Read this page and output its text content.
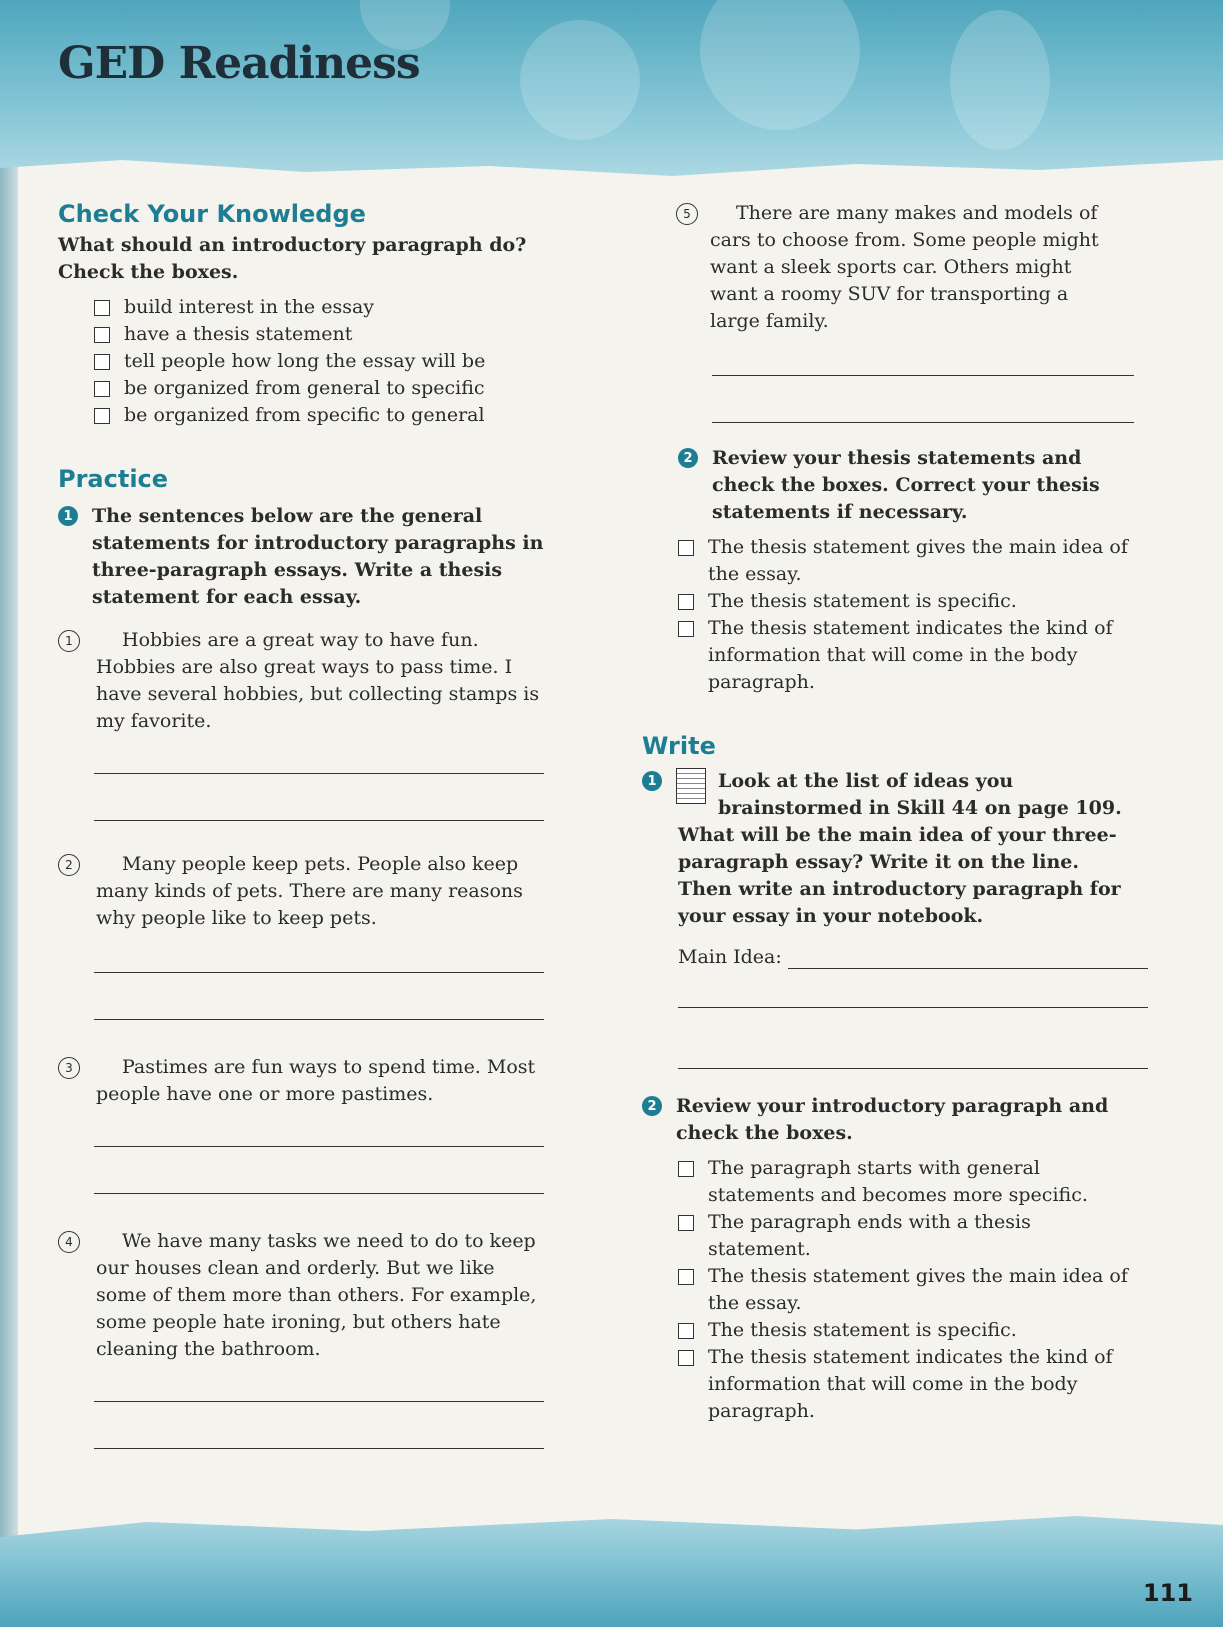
GED Readiness
Check Your Knowledge

What should an introductory paragraph do? Check the boxes.

build interest in the essay
have a thesis statement
tell people how long the essay will be
be organized from general to specific
be organized from specific to general
Practice
1 The sentences below are the general statements for introductory paragraphs in three-paragraph essays. Write a thesis statement for each essay.

1	Hobbies are a great way to have fun. Hobbies are also great ways to pass time. I have several hobbies, but collecting stamps is my favorite.
2	Many people keep pets. People also keep many kinds of pets. There are many reasons why people like to keep pets.
3	Pastimes are fun ways to spend time. Most people have one or more pastimes.
4	We have many tasks we need to do to keep our houses clean and orderly. But we like some of them more than others. For example, some people hate ironing, but others hate cleaning the bathroom.
5	There are many makes and models of cars to choose from. Some people might want a sleek sports car. Others might want a roomy SUV for transporting a large family.
2 Review your thesis statements and check the boxes. Correct your thesis statements if necessary.

The thesis statement gives the main idea of the essay.
The thesis statement is specific.
The thesis statement indicates the kind of information that will come in the body paragraph.
Write
1	Look at the list of ideas you brainstormed in Skill 44 on page 109.

What will be the main idea of your three-paragraph essay? Write it on the line. Then write an introductory paragraph for your essay in your notebook.

Main Idea:
2 Review your introductory paragraph and check the boxes.

The paragraph starts with general statements and becomes more specific.
The paragraph ends with a thesis statement.
The thesis statement gives the main idea of the essay.
The thesis statement is specific.
The thesis statement indicates the kind of information that will come in the body paragraph.

111
